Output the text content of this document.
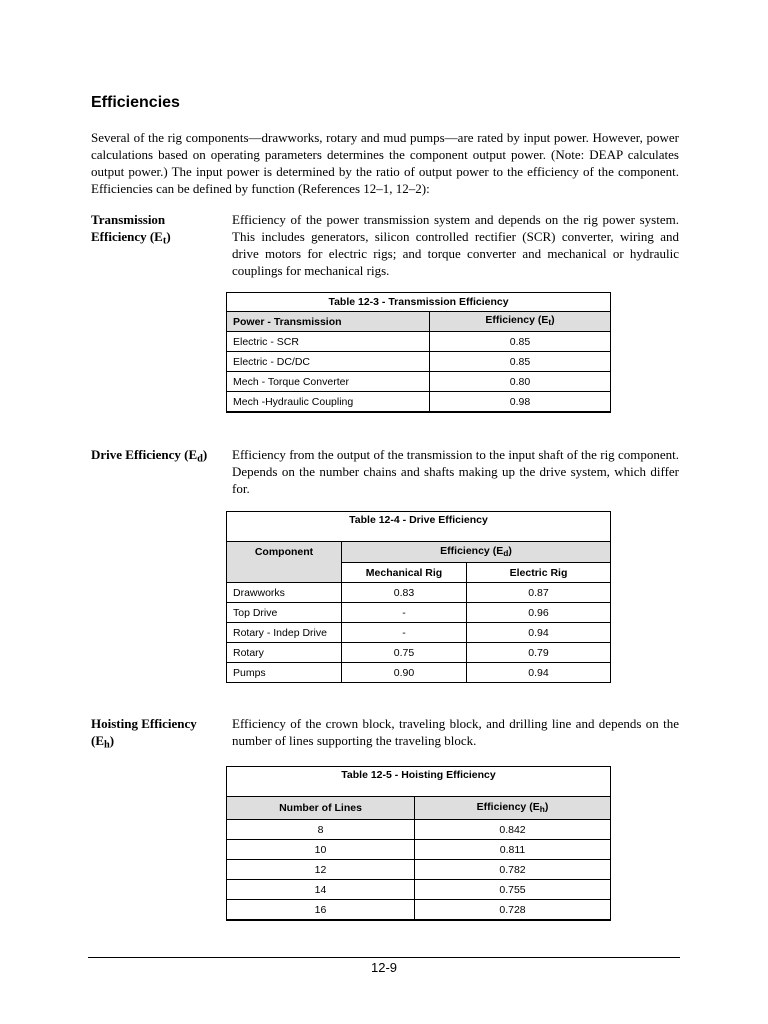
Efficiencies
Several of the rig components—drawworks, rotary and mud pumps—are rated by input power. However, power calculations based on operating parameters determines the component output power. (Note: DEAP calculates output power.) The input power is determined by the ratio of output power to the efficiency of the component. Efficiencies can be defined by function (References 12–1, 12–2):
Transmission
Efficiency $(E_t)$
Efficiency of the power transmission system and depends on the rig power system. This includes generators, silicon controlled rectifier (SCR) converter, wiring and drive motors for electric rigs; and torque converter and mechanical or hydraulic couplings for mechanical rigs.
Table 12-3 - Transmission Efficiency	
Power - Transmission	Efficiency $(E_t)$
Electric - SCR	0.85
Electric - DC/DC	0.85
Mech - Torque Converter	0.80
Mech -Hydraulic Coupling	0.98
Drive Efficiency $(E_d)$	Efficiency from the output of the transmission to the input shaft of the rig component. Depends on the number chains and shafts making up the drive system, which differ for.
Table 12-4 - Drive Efficiency		
Component	Efficiency $(E_d)$	
	Mechanical Rig	Electric Rig
Drawworks	0.83	0.87
Top Drive	-	0.96
Rotary - Indep Drive	-	0.94
Rotary	0.75	0.79
Pumps	0.90	0.94
Hoisting Efficiency
$(E_h)$
Efficiency of the crown block, traveling block, and drilling line and depends on the number of lines supporting the traveling block.
Table 12-5 - Hoisting Efficiency	
Number of Lines	Efficiency $(E_h)$
8	0.842
10	0.811
12	0.782
14	0.755
16	0.728
12-9
